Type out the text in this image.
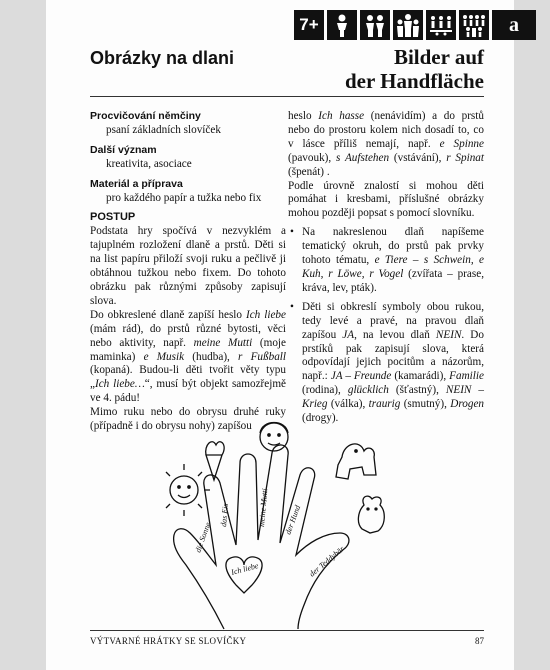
7+	a
Obrázky na dlani	Bilder auf
der Handfläche
Procvičování němčiny
psaní základních slovíček
Další význam
kreativita, asociace
Materiál a příprava
pro každého papír a tužka nebo fix
POSTUP

Podstata hry spočívá v nezvyklém a tajuplném rozložení dlaně a prstů. Děti si na list papíru přiloží svoji ruku a pečlivě ji obtáhnou tužkou nebo fixem. Do tohoto obrázku pak různými způsoby zapisují slova.

Do obkreslené dlaně zapíší heslo Ich liebe (mám rád), do prstů různé bytosti, věci nebo aktivity, např. meine Mutti (moje maminka) e Musik (hudba), r Fußball (kopaná). Budou-li děti tvořit věty typu „Ich liebe…“, musí být objekt samozřejmě ve 4. pádu!

Mimo ruku nebo do obrysu druhé ruky (případně i do obrysu nohy) zapíšou

heslo Ich hasse (nenávidím) a do prstů nebo do prostoru kolem nich dosadí to, co v lásce příliš nemají, např. e Spinne (pavouk), s Aufstehen (vstávání), r Spinat (špenát) .

Podle úrovně znalostí si mohou děti pomáhat i kresbami, příslušné obrázky mohou později popsat s pomocí slovníku.

• Na nakreslenou dlaň napíšeme tematický okruh, do prstů pak prvky tohoto tématu, e Tiere – s Schwein, e Kuh, r Löwe, r Vogel (zvířata – prase, kráva, lev, pták).
• Děti si obkreslí symboly obou rukou, tedy levé a pravé, na pravou dlaň zapíšou JA, na levou dlaň NEIN. Do prstíků pak zapisují slova, která odpovídají jejich pocitům a názorům, např.: JA – Freunde (kamarádi), Familie (rodina), glücklich (šťastný), NEIN – Krieg (válka), traurig (smutný), Drogen (drogy).
Ich liebe
die Sonne
das Eis	meine Mutti der Hund
der Teddybär
VÝTVARNÉ HRÁTKY SE SLOVÍČKY	87
